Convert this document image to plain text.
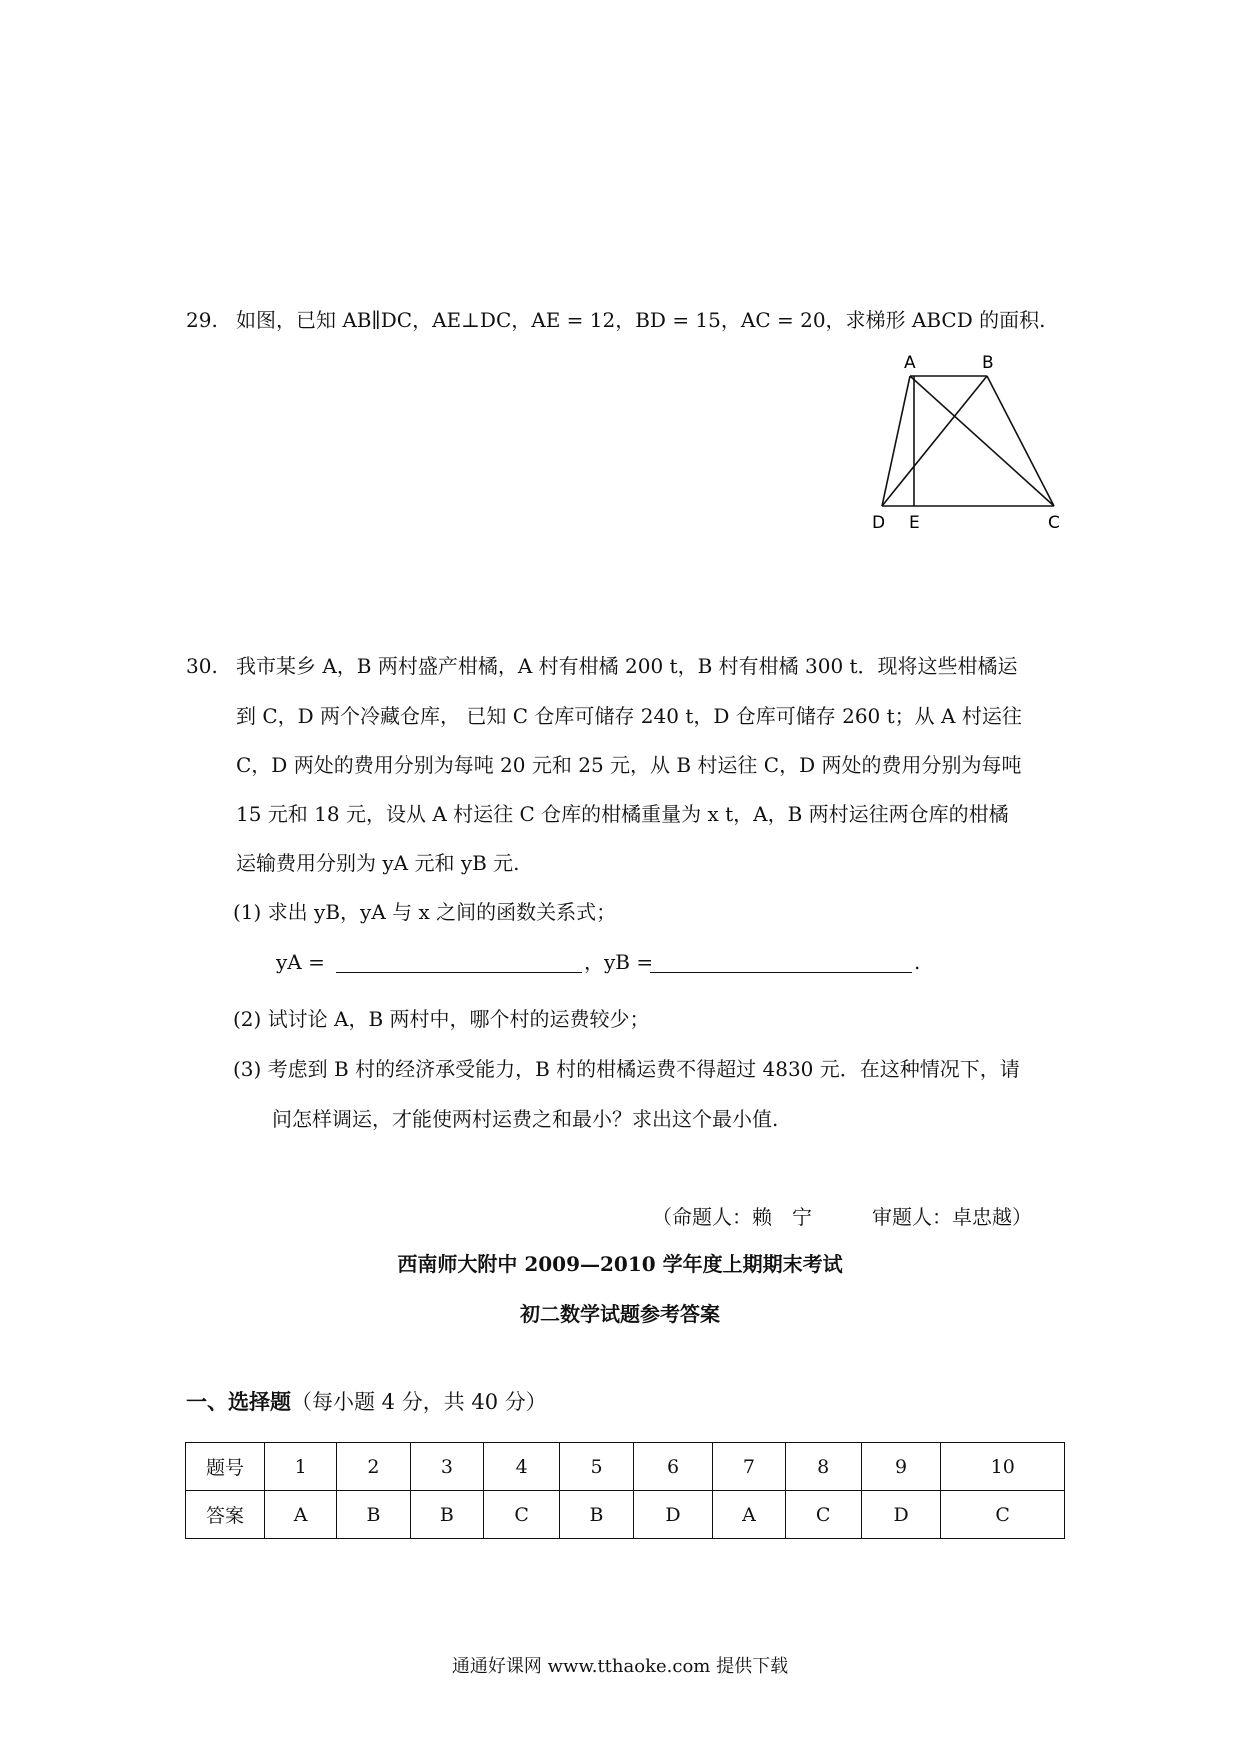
29. 如图，已知 AB∥DC，AE⊥DC，AE = 12，BD = 15，AC = 20，求梯形 ABCD 的面积.
A	B
D E	C
30. 我市某乡 A，B 两村盛产柑橘，A 村有柑橘 200 t，B 村有柑橘 300 t．现将这些柑橘运
到 C，D 两个冷藏仓库， 已知 C 仓库可储存 240 t，D 仓库可储存 260 t；从 A 村运往
C，D 两处的费用分别为每吨 20 元和 25 元，从 B 村运往 C，D 两处的费用分别为每吨
15 元和 18 元，设从 A 村运往 C 仓库的柑橘重量为 x t，A，B 两村运往两仓库的柑橘
运输费用分别为 yA 元和 yB 元.
(1) 求出 yB，yA 与 x 之间的函数关系式；
yA =	，yB =	.
(2) 试讨论 A，B 两村中，哪个村的运费较少；
(3) 考虑到 B 村的经济承受能力，B 村的柑橘运费不得超过 4830 元．在这种情况下，请
问怎样调运，才能使两村运费之和最小？求出这个最小值.
（命题人：赖　宁　　　审题人：卓忠越）
西南师大附中 2009—2010 学年度上期期末考试
初二数学试题参考答案
一、选择题（每小题 4 分，共 40 分）
题号	1	2	3	4	5	6	7	8	9	10
答案	A	B	B	C	B	D	A	C	D	C
通通好课网 www.tthaoke.com 提供下载
